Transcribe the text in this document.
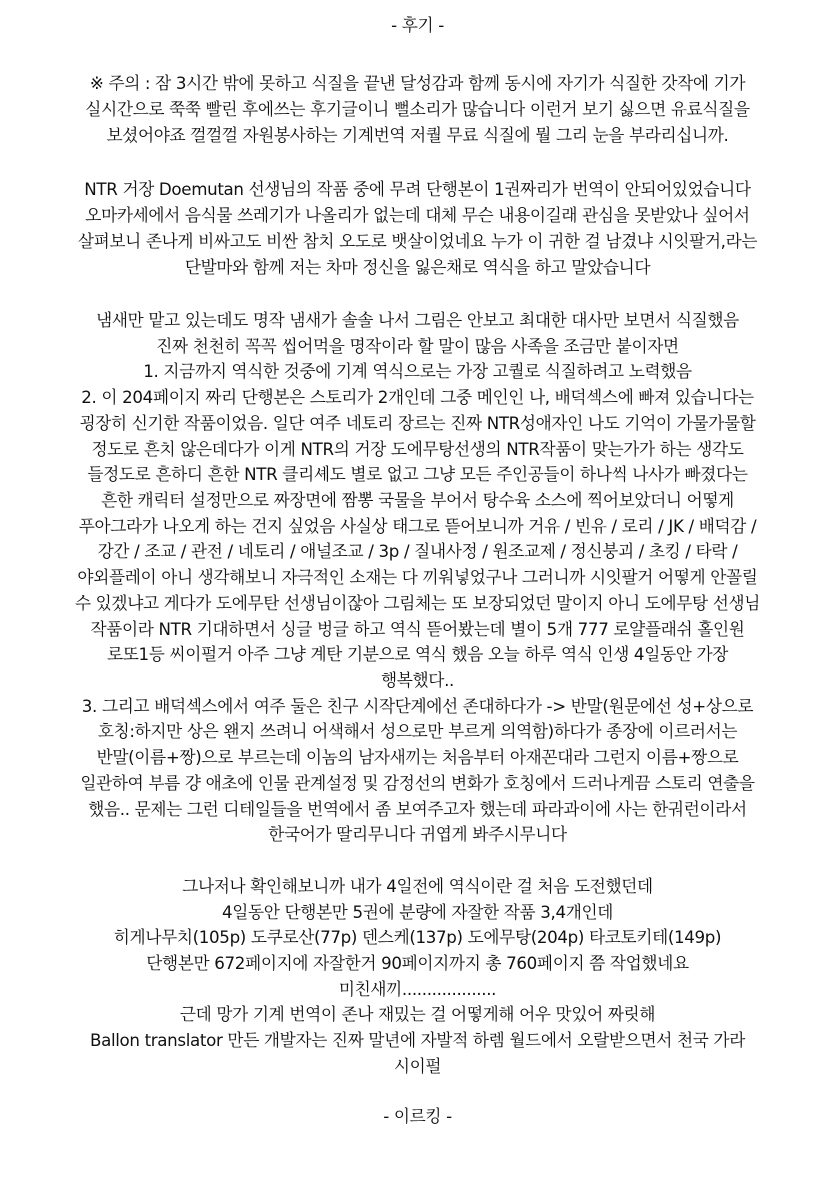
- 후기 -
※ 주의 : 잠 3시간 밖에 못하고 식질을 끝낸 달성감과 함께 동시에 자기가 식질한 갓작에 기가
실시간으로 쭉쭉 빨린 후에쓰는 후기글이니 뻘소리가 많습니다 이런거 보기 싫으면 유료식질을
보셨어야죠 껄껄껄 자원봉사하는 기계번역 저퀄 무료 식질에 뭘 그리 눈을 부라리십니까.
NTR 거장 Doemutan 선생님의 작품 중에 무려 단행본이 1권짜리가 번역이 안되어있었습니다
오마카세에서 음식물 쓰레기가 나올리가 없는데 대체 무슨 내용이길래 관심을 못받았나 싶어서
살펴보니 존나게 비싸고도 비싼 참치 오도로 뱃살이었네요 누가 이 귀한 걸 남겼냐 시잇팔거,라는
단발마와 함께 저는 차마 정신을 잃은채로 역식을 하고 말았습니다
냄새만 맡고 있는데도 명작 냄새가 솔솔 나서 그림은 안보고 최대한 대사만 보면서 식질했음
진짜 천천히 꼭꼭 씹어먹을 명작이라 할 말이 많음 사족을 조금만 붙이자면
1. 지금까지 역식한 것중에 기계 역식으로는 가장 고퀄로 식질하려고 노력했음
2. 이 204페이지 짜리 단행본은 스토리가 2개인데 그중 메인인 나, 배덕섹스에 빠져 있습니다는
굉장히 신기한 작품이었음. 일단 여주 네토리 장르는 진짜 NTR성애자인 나도 기억이 가물가물할
정도로 흔치 않은데다가 이게 NTR의 거장 도에무탕선생의 NTR작품이 맞는가가 하는 생각도
들정도로 흔하디 흔한 NTR 클리셰도 별로 없고 그냥 모든 주인공들이 하나씩 나사가 빠졌다는
흔한 캐릭터 설정만으로 짜장면에 짬뽕 국물을 부어서 탕수육 소스에 찍어보았더니 어떻게
푸아그라가 나오게 하는 건지 싶었음 사실상 태그로 뜯어보니까 거유 / 빈유 / 로리 / JK / 배덕감 /
강간 / 조교 / 관전 / 네토리 / 애널조교 / 3p / 질내사정 / 원조교제 / 정신붕괴 / 초킹 / 타락 /
야외플레이 아니 생각해보니 자극적인 소재는 다 끼워넣었구나 그러니까 시잇팔거 어떻게 안꼴릴
수 있겠냐고 게다가 도에무탄 선생님이잖아 그림체는 또 보장되었던 말이지 아니 도에무탕 선생님
작품이라 NTR 기대하면서 싱글 벙글 하고 역식 뜯어봤는데 별이 5개 777 로얄플래쉬 홀인원
로또1등 씨이펄거 아주 그냥 계탄 기분으로 역식 했음 오늘 하루 역식 인생 4일동안 가장
행복했다..
3. 그리고 배덕섹스에서 여주 둘은 친구 시작단계에선 존대하다가 -> 반말(원문에선 성+상으로
호칭:하지만 상은 왠지 쓰려니 어색해서 성으로만 부르게 의역함)하다가 종장에 이르러서는
반말(이름+짱)으로 부르는데 이놈의 남자새끼는 처음부터 아재꼰대라 그런지 이름+짱으로
일관하여 부름 걍 애초에 인물 관계설정 및 감정선의 변화가 호칭에서 드러나게끔 스토리 연출을
했음.. 문제는 그런 디테일들을 번역에서 좀 보여주고자 했는데 파라과이에 사는 한궈런이라서
한국어가 딸리무니다 귀엽게 봐주시무니다
그나저나 확인해보니까 내가 4일전에 역식이란 걸 처음 도전했던데
4일동안 단행본만 5권에 분량에 자잘한 작품 3,4개인데
히게나무치(105p) 도쿠로산(77p) 덴스케(137p) 도에무탕(204p) 타코토키테(149p)
단행본만 672페이지에 자잘한거 90페이지까지 총 760페이지 쯤 작업했네요
미친새끼...................
근데 망가 기계 번역이 존나 재밌는 걸 어떻게해 어우 맛있어 짜릿해
Ballon translator 만든 개발자는 진짜 말년에 자발적 하렘 월드에서 오랄받으면서 천국 가라
시이펄
- 이르킹 -
